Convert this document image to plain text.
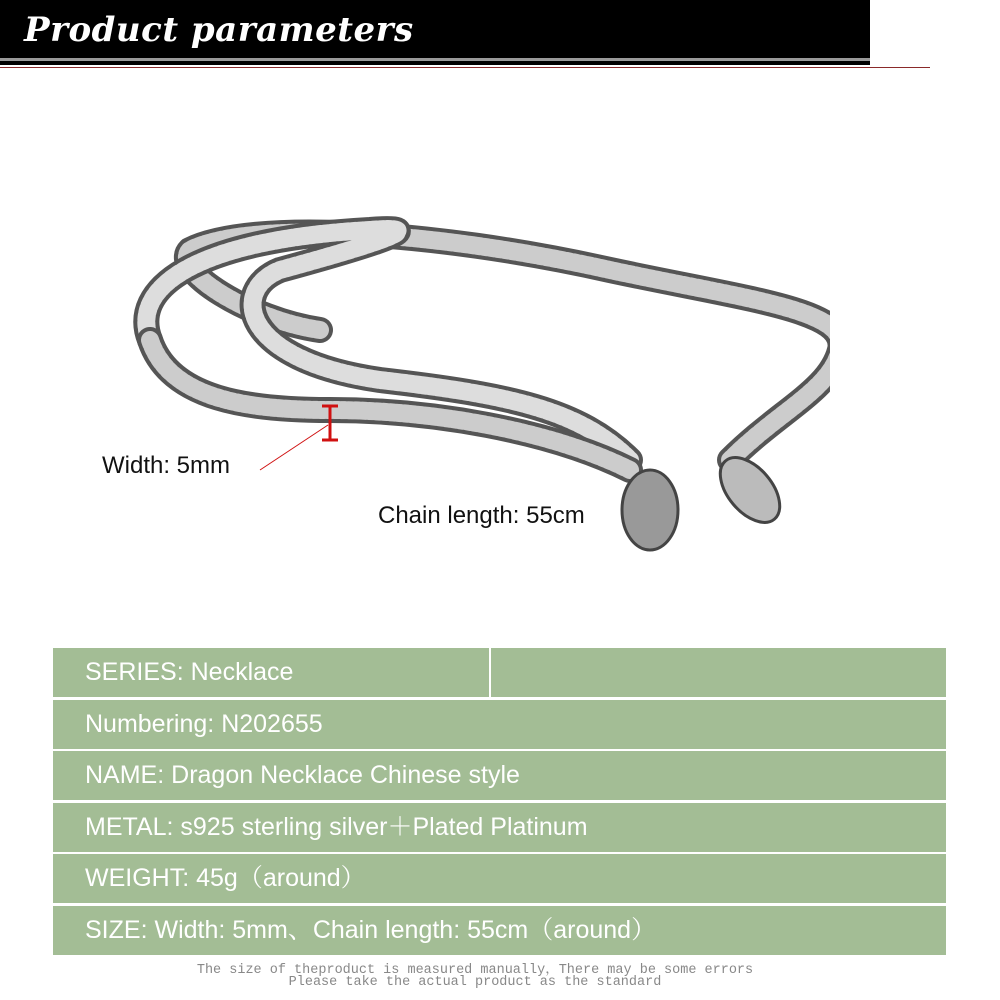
Product parameters
Width: 5mm
Chain length: 55cm
SERIES: Necklace
Numbering: N202655
NAME: Dragon Necklace Chinese style
METAL: s925 sterling silver＋Plated Platinum
WEIGHT: 45g（around）
SIZE: Width: 5mm、Chain length: 55cm（around）
The size of theproduct is measured manually，There may be some errors
Please take the actual product as the standard
